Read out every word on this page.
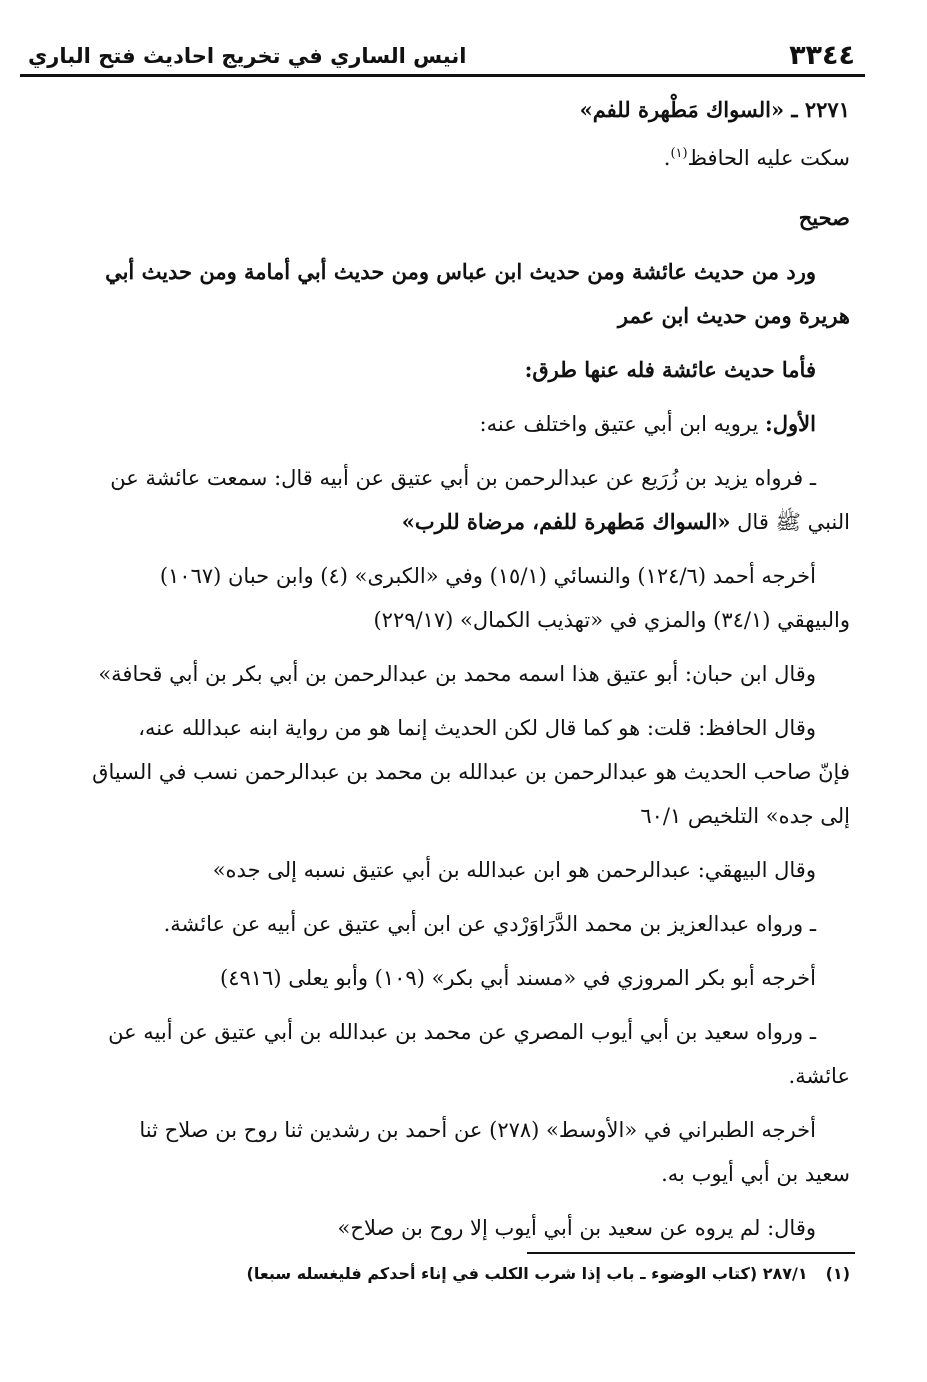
٣٣٤٤
انيس الساري في تخريج احاديث فتح الباري
٢٢٧١ ـ «السواك مَطْهرة للفم»
سكت عليه الحافظ$^{(١)}$.
صحيح
ورد من حديث عائشة ومن حديث ابن عباس ومن حديث أبي أمامة ومن حديث أبي
هريرة ومن حديث ابن عمر
فأما حديث عائشة فله عنها طرق:
الأول: يرويه ابن أبي عتيق واختلف عنه:
ـ فرواه يزيد بن زُرَيع عن عبدالرحمن بن أبي عتيق عن أبيه قال: سمعت عائشة عن
النبي ﷺ قال «السواك مَطهرة للفم، مرضاة للرب»
أخرجه أحمد (١٢٤/٦) والنسائي (١٥/١) وفي «الكبرى» (٤) وابن حبان (١٠٦٧)
والبيهقي (٣٤/١) والمزي في «تهذيب الكمال» (٢٢٩/١٧)
وقال ابن حبان: أبو عتيق هذا اسمه محمد بن عبدالرحمن بن أبي بكر بن أبي قحافة»
وقال الحافظ: قلت: هو كما قال لكن الحديث إنما هو من رواية ابنه عبدالله عنه،
فإنّ صاحب الحديث هو عبدالرحمن بن عبدالله بن محمد بن عبدالرحمن نسب في السياق
إلى جده» التلخيص ٦٠/١
وقال البيهقي: عبدالرحمن هو ابن عبدالله بن أبي عتيق نسبه إلى جده»
ـ ورواه عبدالعزيز بن محمد الدَّرَاوَرْدي عن ابن أبي عتيق عن أبيه عن عائشة.
أخرجه أبو بكر المروزي في «مسند أبي بكر» (١٠٩) وأبو يعلى (٤٩١٦)
ـ ورواه سعيد بن أبي أيوب المصري عن محمد بن عبدالله بن أبي عتيق عن أبيه عن
عائشة.
أخرجه الطبراني في «الأوسط» (٢٧٨) عن أحمد بن رشدين ثنا روح بن صلاح ثنا
سعيد بن أبي أيوب به.
وقال: لم يروه عن سعيد بن أبي أيوب إلا روح بن صلاح»
(١)٢٨٧/١ (كتاب الوضوء ـ باب إذا شرب الكلب في إناء أحدكم فليغسله سبعا)
